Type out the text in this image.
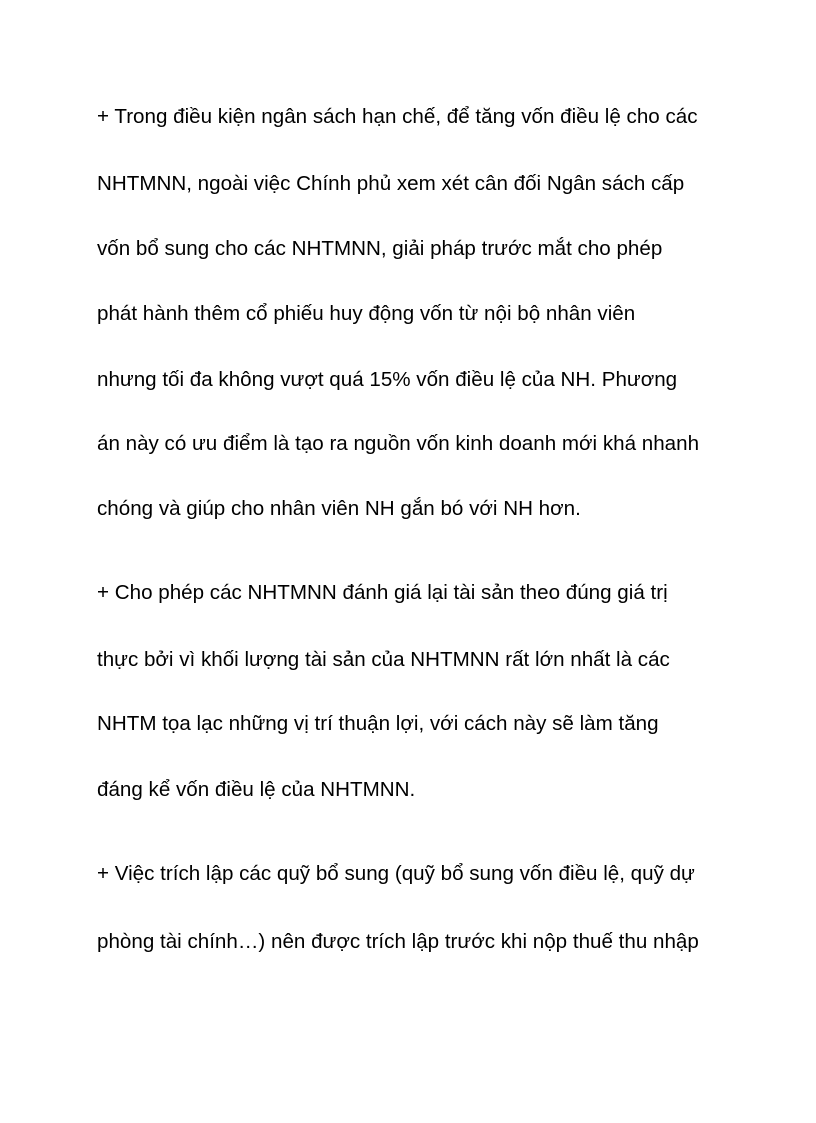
+ Trong điều kiện ngân sách hạn chế, để tăng vốn điều lệ cho các
NHTMNN, ngoài việc Chính phủ xem xét cân đối Ngân sách cấp
vốn bổ sung cho các NHTMNN, giải pháp trước mắt cho phép
phát hành thêm cổ phiếu huy động vốn từ nội bộ nhân viên
nhưng tối đa không vượt quá 15% vốn điều lệ của NH. Phương
án này có ưu điểm là tạo ra nguồn vốn kinh doanh mới khá nhanh
chóng và giúp cho nhân viên NH gắn bó với NH hơn.
+ Cho phép các NHTMNN đánh giá lại tài sản theo đúng giá trị
thực bởi vì khối lượng tài sản của NHTMNN rất lớn nhất là các
NHTM tọa lạc những vị trí thuận lợi, với cách này sẽ làm tăng
đáng kể vốn điều lệ của NHTMNN.
+ Việc trích lập các quỹ bổ sung (quỹ bổ sung vốn điều lệ, quỹ dự
phòng tài chính…) nên được trích lập trước khi nộp thuế thu nhập
